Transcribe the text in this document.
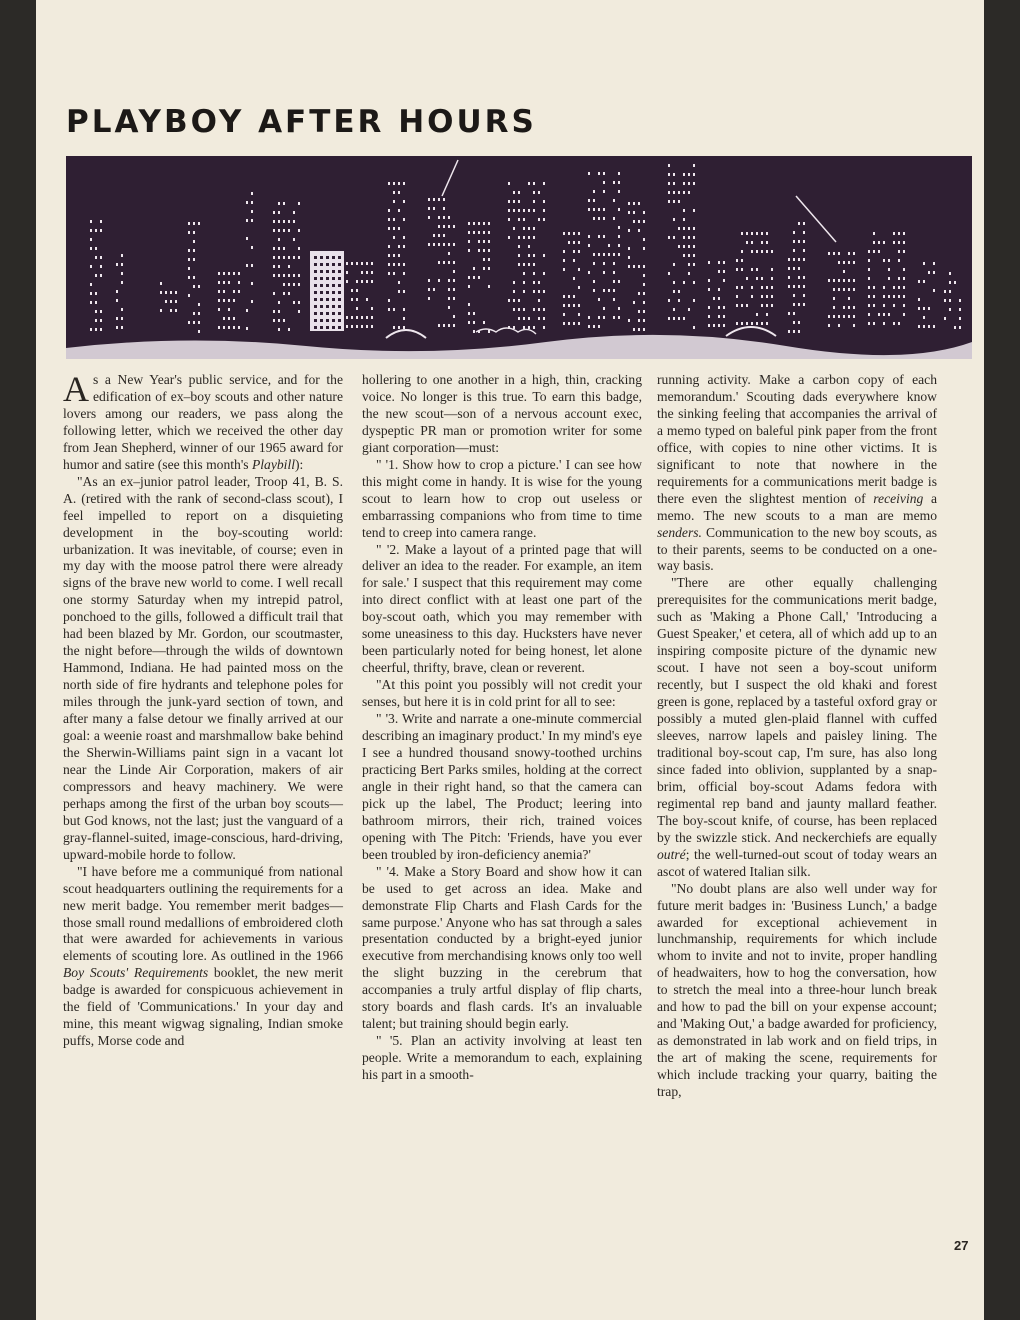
PLAYBOY AFTER HOURS

As a New Year's public service, and for the edification of ex–boy scouts and other nature lovers among our readers, we pass along the following letter, which we received the other day from Jean Shepherd, winner of our 1965 award for humor and satire (see this month's Playbill):

"As an ex–junior patrol leader, Troop 41, B. S. A. (retired with the rank of second-class scout), I feel impelled to report on a disquieting development in the boy-scouting world: urbanization. It was inevitable, of course; even in my day with the moose patrol there were already signs of the brave new world to come. I well recall one stormy Saturday when my intrepid patrol, ponchoed to the gills, followed a difficult trail that had been blazed by Mr. Gordon, our scoutmaster, the night before—through the wilds of downtown Hammond, Indiana. He had painted moss on the north side of fire hydrants and telephone poles for miles through the junk-yard section of town, and after many a false detour we finally arrived at our goal: a weenie roast and marshmallow bake behind the Sherwin-Williams paint sign in a vacant lot near the Linde Air Corporation, makers of air compressors and heavy machinery. We were perhaps among the first of the urban boy scouts—but God knows, not the last; just the vanguard of a gray-flannel-suited, image-conscious, hard-driving, upward-mobile horde to follow.

"I have before me a communiqué from national scout headquarters outlining the requirements for a new merit badge. You remember merit badges—those small round medallions of embroidered cloth that were awarded for achievements in various elements of scouting lore. As outlined in the 1966 Boy Scouts' Requirements booklet, the new merit badge is awarded for conspicuous achievement in the field of 'Communications.' In your day and mine, this meant wigwag signaling, Indian smoke puffs, Morse code and

hollering to one another in a high, thin, cracking voice. No longer is this true. To earn this badge, the new scout—son of a nervous account exec, dyspeptic PR man or promotion writer for some giant corporation—must:

" '1. Show how to crop a picture.' I can see how this might come in handy. It is wise for the young scout to learn how to crop out useless or embarrassing companions who from time to time tend to creep into camera range.

" '2. Make a layout of a printed page that will deliver an idea to the reader. For example, an item for sale.' I suspect that this requirement may come into direct conflict with at least one part of the boy-scout oath, which you may remember with some uneasiness to this day. Hucksters have never been particularly noted for being honest, let alone cheerful, thrifty, brave, clean or reverent.

"At this point you possibly will not credit your senses, but here it is in cold print for all to see:

" '3. Write and narrate a one-minute commercial describing an imaginary product.' In my mind's eye I see a hundred thousand snowy-toothed urchins practicing Bert Parks smiles, holding at the correct angle in their right hand, so that the camera can pick up the label, The Product; leering into bathroom mirrors, their rich, trained voices opening with The Pitch: 'Friends, have you ever been troubled by iron-deficiency anemia?'

" '4. Make a Story Board and show how it can be used to get across an idea. Make and demonstrate Flip Charts and Flash Cards for the same purpose.' Anyone who has sat through a sales presentation conducted by a bright-eyed junior executive from merchandising knows only too well the slight buzzing in the cerebrum that accompanies a truly artful display of flip charts, story boards and flash cards. It's an invaluable talent; but training should begin early.

" '5. Plan an activity involving at least ten people. Write a memorandum to each, explaining his part in a smooth-

running activity. Make a carbon copy of each memorandum.' Scouting dads everywhere know the sinking feeling that accompanies the arrival of a memo typed on baleful pink paper from the front office, with copies to nine other victims. It is significant to note that nowhere in the requirements for a communications merit badge is there even the slightest mention of receiving a memo. The new scouts to a man are memo senders. Communication to the new boy scouts, as to their parents, seems to be conducted on a one-way basis.

"There are other equally challenging prerequisites for the communications merit badge, such as 'Making a Phone Call,' 'Introducing a Guest Speaker,' et cetera, all of which add up to an inspiring composite picture of the dynamic new scout. I have not seen a boy-scout uniform recently, but I suspect the old khaki and forest green is gone, replaced by a tasteful oxford gray or possibly a muted glen-plaid flannel with cuffed sleeves, narrow lapels and paisley lining. The traditional boy-scout cap, I'm sure, has also long since faded into oblivion, supplanted by a snap-brim, official boy-scout Adams fedora with regimental rep band and jaunty mallard feather. The boy-scout knife, of course, has been replaced by the swizzle stick. And neckerchiefs are equally outré; the well-turned-out scout of today wears an ascot of watered Italian silk.

"No doubt plans are also well under way for future merit badges in: 'Business Lunch,' a badge awarded for exceptional achievement in lunchmanship, requirements for which include whom to invite and not to invite, proper handling of headwaiters, how to hog the conversation, how to stretch the meal into a three-hour lunch break and how to pad the bill on your expense account; and 'Making Out,' a badge awarded for proficiency, as demonstrated in lab work and on field trips, in the art of making the scene, requirements for which include tracking your quarry, baiting the trap,

27
